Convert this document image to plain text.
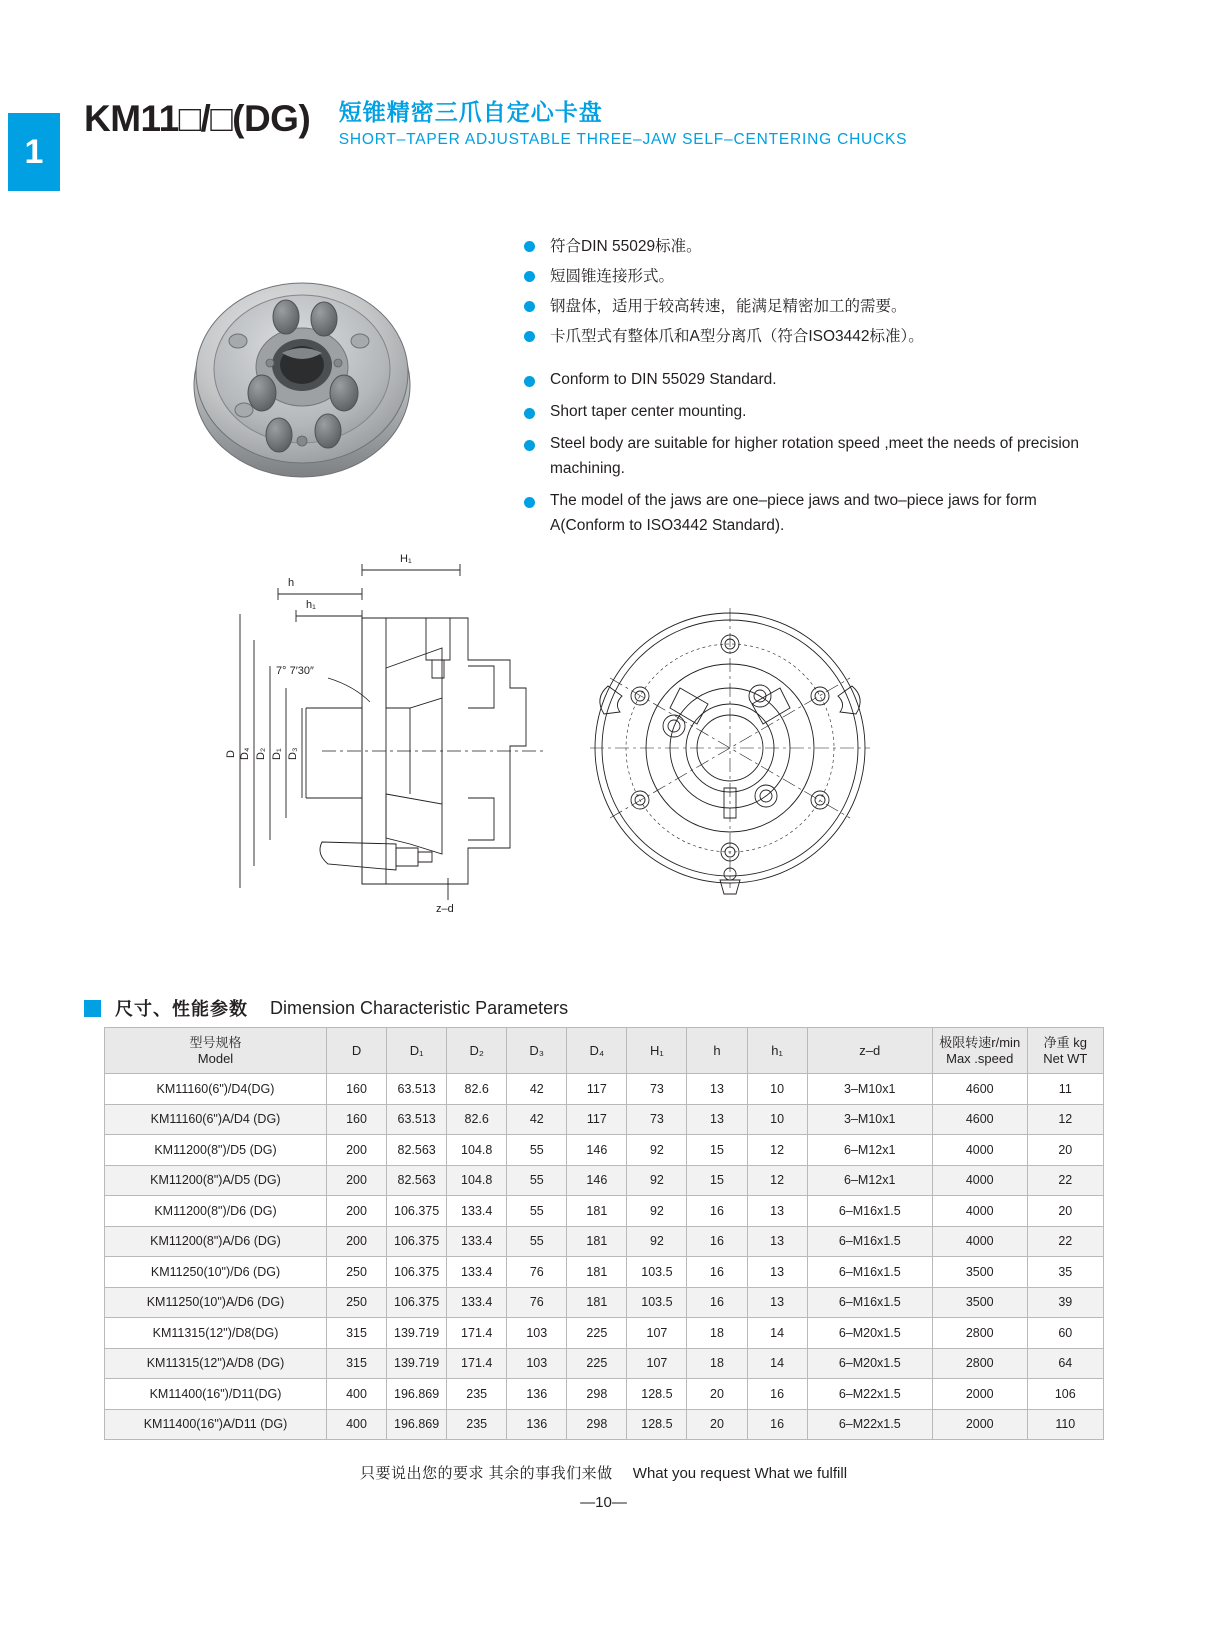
1
KM11□/□(DG) 短锥精密三爪自定心卡盘
SHORT–TAPER ADJUSTABLE THREE–JAW SELF–CENTERING CHUCKS
符合DIN 55029标准。
短圆锥连接形式。
钢盘体，适用于较高转速，能满足精密加工的需要。
卡爪型式有整体爪和A型分离爪（符合ISO3442标准）。
Conform to DIN 55029 Standard.
Short taper center mounting.
Steel body are suitable for higher rotation speed ,meet the needs of precision machining.
The model of the jaws are one–piece jaws and two–piece jaws for form A(Conform to ISO3442 Standard).
D D₄ D₂ D₁ D₃
h
h₁
H₁
z–d
7° 7′30″
尺寸、性能参数 Dimension Characteristic Parameters
型号规格
Model
	D	D₁	D₂	D₃	D₄	H₁	h	h₁	z–d	
极限转速r/min
Max .speed

净重 kg
Net WT

KM11160(6")/D4(DG)	160	63.513	82.6	42	117	73	13	10	3–M10x1	4600	11
KM11160(6")A/D4 (DG)	160	63.513	82.6	42	117	73	13	10	3–M10x1	4600	12
KM11200(8")/D5 (DG)	200	82.563	104.8	55	146	92	15	12	6–M12x1	4000	20
KM11200(8")A/D5 (DG)	200	82.563	104.8	55	146	92	15	12	6–M12x1	4000	22
KM11200(8")/D6 (DG)	200	106.375	133.4	55	181	92	16	13	6–M16x1.5	4000	20
KM11200(8")A/D6 (DG)	200	106.375	133.4	55	181	92	16	13	6–M16x1.5	4000	22
KM11250(10")/D6 (DG)	250	106.375	133.4	76	181	103.5	16	13	6–M16x1.5	3500	35
KM11250(10")A/D6 (DG)	250	106.375	133.4	76	181	103.5	16	13	6–M16x1.5	3500	39
KM11315(12")/D8(DG)	315	139.719	171.4	103	225	107	18	14	6–M20x1.5	2800	60
KM11315(12")A/D8 (DG)	315	139.719	171.4	103	225	107	18	14	6–M20x1.5	2800	64
KM11400(16")/D11(DG)	400	196.869	235	136	298	128.5	20	16	6–M22x1.5	2000	106
KM11400(16")A/D11 (DG)	400	196.869	235	136	298	128.5	20	16	6–M22x1.5	2000	110
只要说出您的要求 其余的事我们来做 What you request What we fulfill
—10—
